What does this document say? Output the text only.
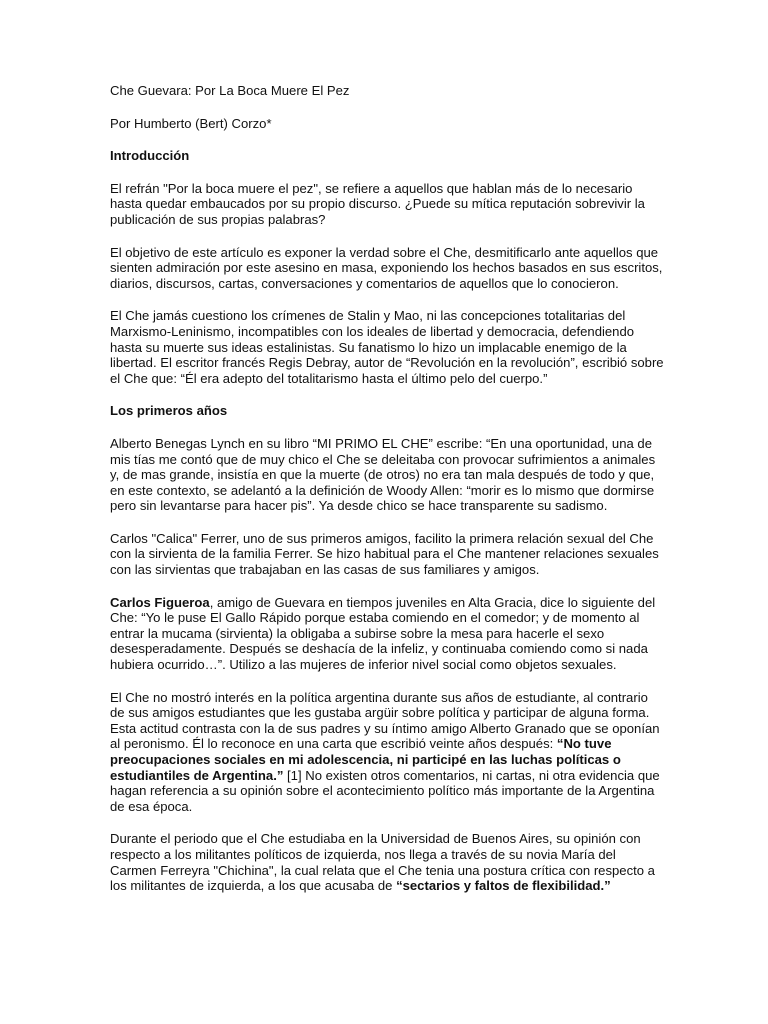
Che Guevara: Por La Boca Muere El Pez

Por Humberto (Bert) Corzo*

Introducción

El refrán "Por la boca muere el pez", se refiere a aquellos que hablan más de lo necesario hasta quedar embaucados por su propio discurso. ¿Puede su mítica reputación sobrevivir la publicación de sus propias palabras?

El objetivo de este artículo es exponer la verdad sobre el Che, desmitificarlo ante aquellos que sienten admiración por este asesino en masa, exponiendo los hechos basados en sus escritos, diarios, discursos, cartas, conversaciones y comentarios de aquellos que lo conocieron.

El Che jamás cuestiono los crímenes de Stalin y Mao, ni las concepciones totalitarias del Marxismo-Leninismo, incompatibles con los ideales de libertad y democracia, defendiendo hasta su muerte sus ideas estalinistas. Su fanatismo lo hizo un implacable enemigo de la libertad. El escritor francés Regis Debray, autor de “Revolución en la revolución”, escribió sobre el Che que: “Él era adepto del totalitarismo hasta el último pelo del cuerpo.”

Los primeros años

Alberto Benegas Lynch en su libro “MI PRIMO EL CHE” escribe: “En una oportunidad, una de mis tías me contó que de muy chico el Che se deleitaba con provocar sufrimientos a animales y, de mas grande, insistía en que la muerte (de otros) no era tan mala después de todo y que, en este contexto, se adelantó a la definición de Woody Allen: “morir es lo mismo que dormirse pero sin levantarse para hacer pis”. Ya desde chico se hace transparente su sadismo.

Carlos "Calica" Ferrer, uno de sus primeros amigos, facilito la primera relación sexual del Che con la sirvienta de la familia Ferrer. Se hizo habitual para el Che mantener relaciones sexuales con las sirvientas que trabajaban en las casas de sus familiares y amigos.

Carlos Figueroa, amigo de Guevara en tiempos juveniles en Alta Gracia, dice lo siguiente del Che: “Yo le puse El Gallo Rápido porque estaba comiendo en el comedor; y de momento al entrar la mucama (sirvienta) la obligaba a subirse sobre la mesa para hacerle el sexo desesperadamente. Después se deshacía de la infeliz, y continuaba comiendo como si nada hubiera ocurrido…”. Utilizo a las mujeres de inferior nivel social como objetos sexuales.

El Che no mostró interés en la política argentina durante sus años de estudiante, al contrario de sus amigos estudiantes que les gustaba argüir sobre política y participar de alguna forma. Esta actitud contrasta con la de sus padres y su íntimo amigo Alberto Granado que se oponían al peronismo. Él lo reconoce en una carta que escribió veinte años después: “No tuve preocupaciones sociales en mi adolescencia, ni participé en las luchas políticas o estudiantiles de Argentina.” [1] No existen otros comentarios, ni cartas, ni otra evidencia que hagan referencia a su opinión sobre el acontecimiento político más importante de la Argentina de esa época.

Durante el periodo que el Che estudiaba en la Universidad de Buenos Aires, su opinión con respecto a los militantes políticos de izquierda, nos llega a través de su novia María del Carmen Ferreyra "Chichina", la cual relata que el Che tenia una postura crítica con respecto a los militantes de izquierda, a los que acusaba de “sectarios y faltos de flexibilidad.”
